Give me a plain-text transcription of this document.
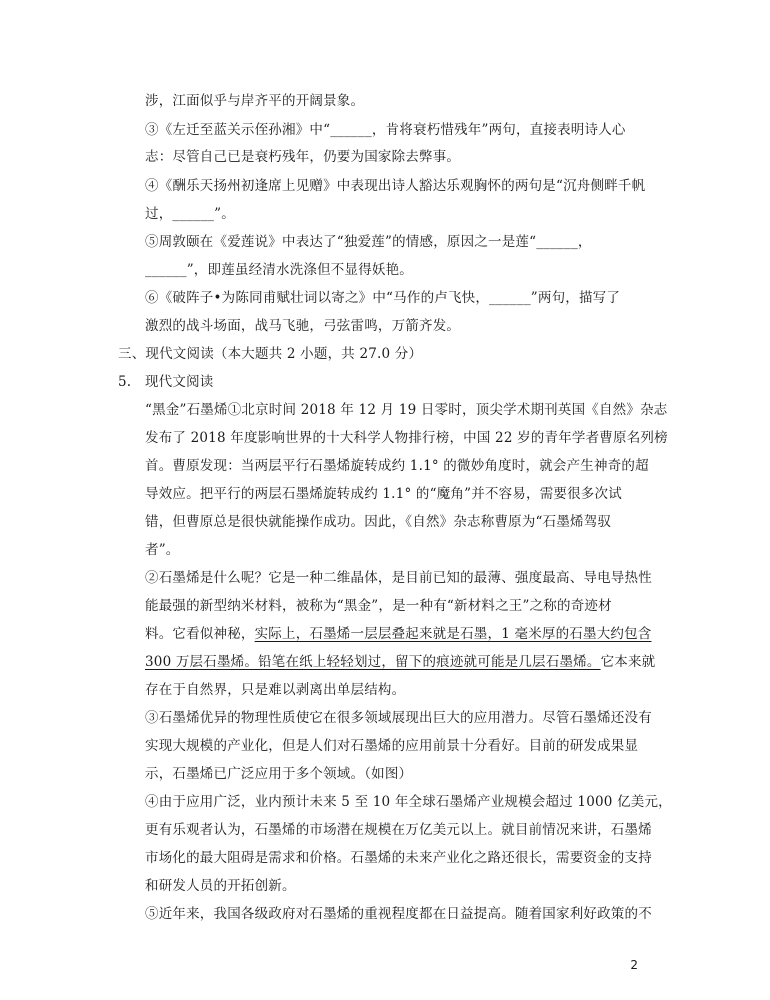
涉，江面似乎与岸齐平的开阔景象。
③《左迁至蓝关示侄孙湘》中“______，肯将衰朽惜残年”两句，直接表明诗人心
志：尽管自己已是衰朽残年，仍要为国家除去弊事。
④《酬乐天扬州初逢席上见赠》中表现出诗人豁达乐观胸怀的两句是“沉舟侧畔千帆
过，______”。
⑤周敦颐在《爱莲说》中表达了“独爱莲”的情感，原因之一是莲“______，
______”，即莲虽经清水洗涤但不显得妖艳。
⑥《破阵子•为陈同甫赋壮词以寄之》中“马作的卢飞快，______”两句，描写了
激烈的战斗场面，战马飞驰，弓弦雷鸣，万箭齐发。
三、现代文阅读（本大题共 2 小题，共 27.0 分）
5.　现代文阅读
“黑金”石墨烯①北京时间 2018 年 12 月 19 日零时，顶尖学术期刊英国《自然》杂志
发布了 2018 年度影响世界的十大科学人物排行榜，中国 22 岁的青年学者曹原名列榜
首。曹原发现：当两层平行石墨烯旋转成约 1.1° 的微妙角度时，就会产生神奇的超
导效应。把平行的两层石墨烯旋转成约 1.1° 的“魔角”并不容易，需要很多次试
错，但曹原总是很快就能操作成功。因此，《自然》杂志称曹原为“石墨烯驾驭
者”。
②石墨烯是什么呢？它是一种二维晶体，是目前已知的最薄、强度最高、导电导热性
能最强的新型纳米材料，被称为“黑金”，是一种有“新材料之王”之称的奇迹材
料。它看似神秘，实际上，石墨烯一层层叠起来就是石墨，1 毫米厚的石墨大约包含
300 万层石墨烯。铅笔在纸上轻轻划过，留下的痕迹就可能是几层石墨烯。它本来就
存在于自然界，只是难以剥离出单层结构。
③石墨烯优异的物理性质使它在很多领域展现出巨大的应用潜力。尽管石墨烯还没有
实现大规模的产业化，但是人们对石墨烯的应用前景十分看好。目前的研发成果显
示，石墨烯已广泛应用于多个领域。（如图）
④由于应用广泛，业内预计未来 5 至 10 年全球石墨烯产业规模会超过 1000 亿美元，
更有乐观者认为，石墨烯的市场潜在规模在万亿美元以上。就目前情况来讲，石墨烯
市场化的最大阻碍是需求和价格。石墨烯的未来产业化之路还很长，需要资金的支持
和研发人员的开拓创新。
⑤近年来，我国各级政府对石墨烯的重视程度都在日益提高。随着国家利好政策的不
2
